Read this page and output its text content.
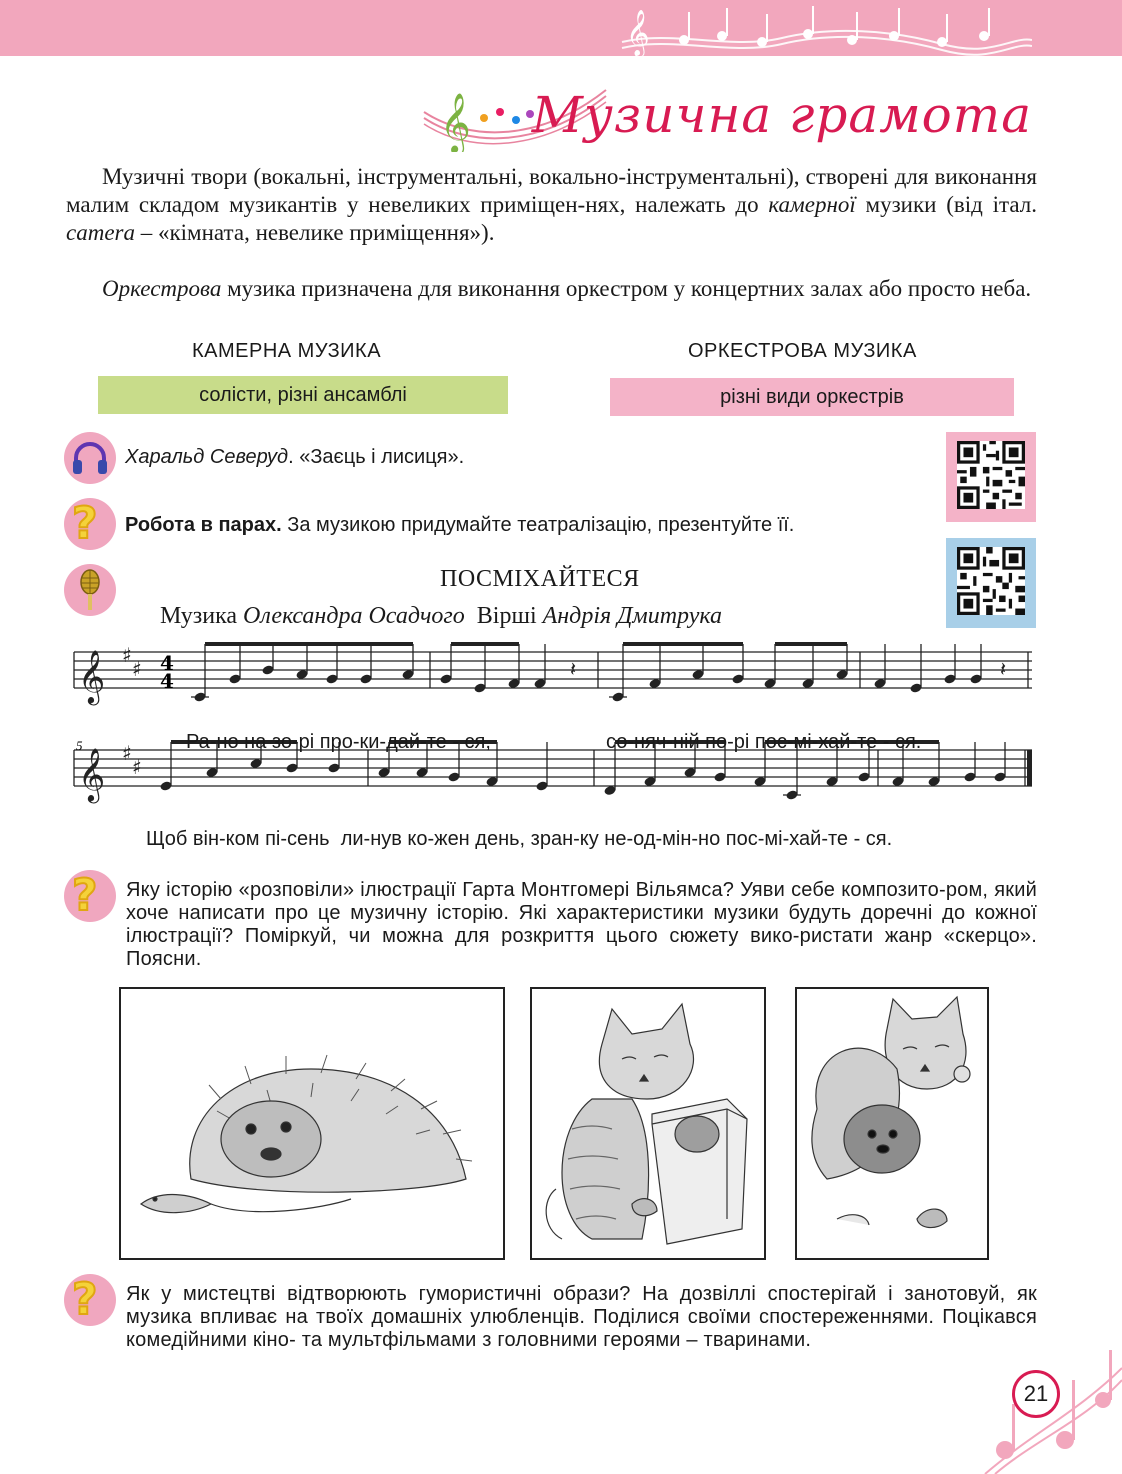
𝄞
𝄞 Музична грамота
Музичні твори (вокальні, інструментальні, вокально-інструментальні), створені для виконання малим складом музикантів у невеликих приміщен-нях, належать до камерної музики (від італ. camera – «кімната, невелике приміщення»).
Оркестрова музика призначена для виконання оркестром у концертних залах або просто неба.
КАМЕРНА МУЗИКА
солісти, різні ансамблі
ОРКЕСТРОВА МУЗИКА
різні види оркестрів
Харальд Северуд. «Заєць і лисиця».
? Робота в парах. За музикою придумайте театралізацію, презентуйте її.
ПОСМІХАЙТЕСЯ
Музика Олександра Осадчого Вірші Андрія Дмитрука
𝄽	𝄽
5
𝄞 ♯
♯ 4
4
𝄞 ♯
♯
Ра-но на зо-рі про-ки-дай-те - ся,	со-няч-ній по-рі пос-мі-хай-те - ся.
Щоб він-ком пі-сень  ли-нув ко-жен день, зран-ку не-од-мін-но пос-мі-хай-те - ся.
? Яку історію «розповіли» ілюстрації Гарта Монтгомері Вільямса? Уяви себе композито-ром, який хоче написати про це музичну історію. Які характеристики музики будуть доречні до кожної ілюстрації? Поміркуй, чи можна для розкриття цього сюжету вико-ристати жанр «скерцо». Поясни.
? Як у мистецтві відтворюють гумористичні образи? На дозвіллі спостерігай і занотовуй, як музика впливає на твоїх домашніх улюбленців. Поділися своїми спостереженнями. Поцікався комедійними кіно- та мультфільмами з головними героями – тваринами.
21
